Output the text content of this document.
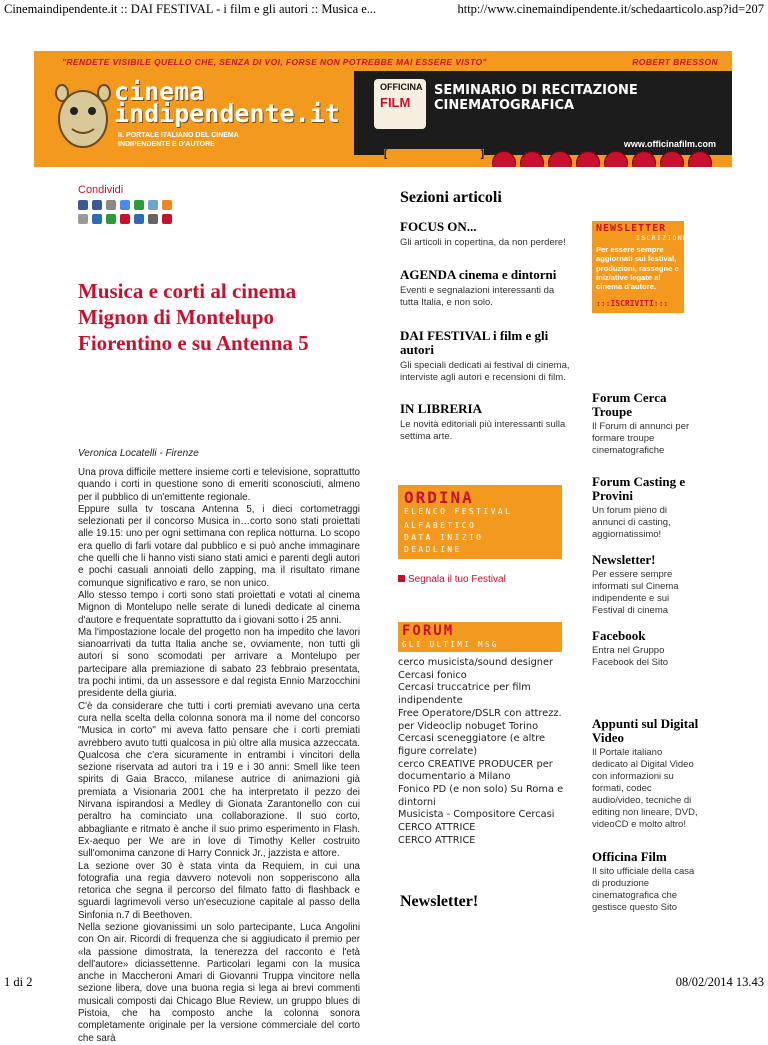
Cinemaindipendente.it :: DAI FESTIVAL - i film e gli autori :: Musica e...	http://www.cinemaindipendente.it/schedaarticolo.asp?id=207
"RENDETE VISIBILE QUELLO CHE, SENZA DI VOI, FORSE NON POTREBBE MAI ESSERE VISTO"	ROBERT BRESSON
cinema
indipendente.it
IL PORTALE ITALIANO DEL CINEMA
INDIPENDENTE E D'AUTORE
OFFICINA
FILM
SEMINARIO DI RECITAZIONE
CINEMATOGRAFICA
www.officinafilm.com
[	]
Condividi
Musica e corti al cinema Mignon di Montelupo Fiorentino e su Antenna 5
Veronica Locatelli - Firenze

Una prova difficile mettere insieme corti e televisione, soprattutto quando i corti in questione sono di emeriti sconosciuti, almeno per il pubblico di un'emittente regionale.

Eppure sulla tv toscana Antenna 5, i dieci cortometraggi selezionati per il concorso Musica in…corto sono stati proiettati alle 19.15: uno per ogni settimana con replica notturna. Lo scopo era quello di farli votare dal pubblico e si può anche immaginare che quelli che li hanno visti siano stati amici e parenti degli autori e pochi casuali annoiati dello zapping, ma il risultato rimane comunque significativo e raro, se non unico.

Allo stesso tempo i corti sono stati proiettati e votati al cinema Mignon di Montelupo nelle serate di lunedì dedicate al cinema d'autore e frequentate soprattutto da i giovani sotto i 25 anni.

Ma l'impostazione locale del progetto non ha impedito che lavori sianoarrivati da tutta Italia anche se, ovviamente, non tutti gli autori si sono scomodati per arrivare a Montelupo per partecipare alla premiazione di sabato 23 febbraio presentata, tra pochi intimi, da un assessore e dal regista Ennio Marzocchini presidente della giuria.

C'è da considerare che tutti i corti premiati avevano una certa cura nella scelta della colonna sonora ma il nome del concorso "Musica in corto" mi aveva fatto pensare che i corti premiati avrebbero avuto tutti qualcosa in più oltre alla musica azzeccata. Qualcosa che c'era sicuramente in entrambi i vincitori della sezione riservata ad autori tra i 19 e i 30 anni: Smell like teen spirits di Gaia Bracco, milanese autrice di animazioni già premiata a Visionaria 2001 che ha interpretato il pezzo dei Nirvana ispirandosi a Medley di Gionata Zarantonello con cui peraltro ha cominciato una collaborazione. Il suo corto, abbagliante e ritmato è anche il suo primo esperimento in Flash. Ex-aequo per We are in love di Timothy Keller costruito sull'omonima canzone di Harry Connick Jr., jazzista e attore.

La sezione over 30 è stata vinta da Requiem, in cui una fotografia una regia davvero notevoli non sopperiscono alla retorica che segna il percorso del filmato fatto di flashback e sguardi lagrimevoli verso un'esecuzione capitale al passo della Sinfonia n.7 di Beethoven.

Nella sezione giovanissimi un solo partecipante, Luca Angolini con On air. Ricordi di frequenza che si aggiudicato il premio per «la passione dimostrata, la tenerezza del racconto e l'età dell'autore» diciassettenne. Particolari legami con la musica anche in Maccheroni Amari di Giovanni Truppa vincitore nella sezione libera, dove una buona regia si lega ai brevi commenti musicali composti dai Chicago Blue Review, un gruppo blues di Pistoia, che ha composto anche la colonna sonora completamente originale per la versione commerciale del corto che sarà

Sezioni articoli
FOCUS ON...
Gli articoli in copertina, da non perdere!
AGENDA cinema e dintorni
Eventi e segnalazioni interessanti da tutta Italia, e non solo.
DAI FESTIVAL i film e gli autori
Gli speciali dedicati ai festival di cinema, interviste agli autori e recensioni di film.
IN LIBRERIA
Le novità editoriali più interessanti sulla settima arte.
ORDINA
ELENCO FESTIVAL
ALFABETICO
DATA INIZIO
DEADLINE
Segnala il tuo Festival
FORUM
GLI ULTIMI MSG
cerco musicista/sound designer
Cercasi fonico
Cercasi truccatrice per film indipendente
Free Operatore/DSLR con attrezz. per Videoclip nobuget Torino
Cercasi sceneggiatore (e altre figure correlate)
cerco CREATIVE PRODUCER per documentario a Milano
Fonico PD (e non solo) Su Roma e dintorni
Musicista - Compositore Cercasi
CERCO ATTRICE
CERCO ATTRICE
Newsletter!
NEWSLETTER
ISCRIZIONE
Per essere sempre aggiornati sui festival, produzioni, rassegne e iniziative legate al cinema d'autore.
:::ISCRIVITI:::
Forum Cerca Troupe
Il Forum di annunci per formare troupe cinematografiche
Forum Casting e Provini
Un forum pieno di annunci di casting, aggiornatissimo!
Newsletter!
Per essere sempre informati sul Cinema indipendente e sui Festival di cinema
Facebook
Entra nel Gruppo Facebook del Sito
Appunti sul Digital Video
Il Portale italiano dedicato al Digital Video con informazioni su formati, codec audio/video, tecniche di editing non lineare, DVD, videoCD e molto altro!
Officina Film
Il sito ufficiale della casa di produzione cinematografica che gestisce questo Sito
1 di 2	08/02/2014 13.43
